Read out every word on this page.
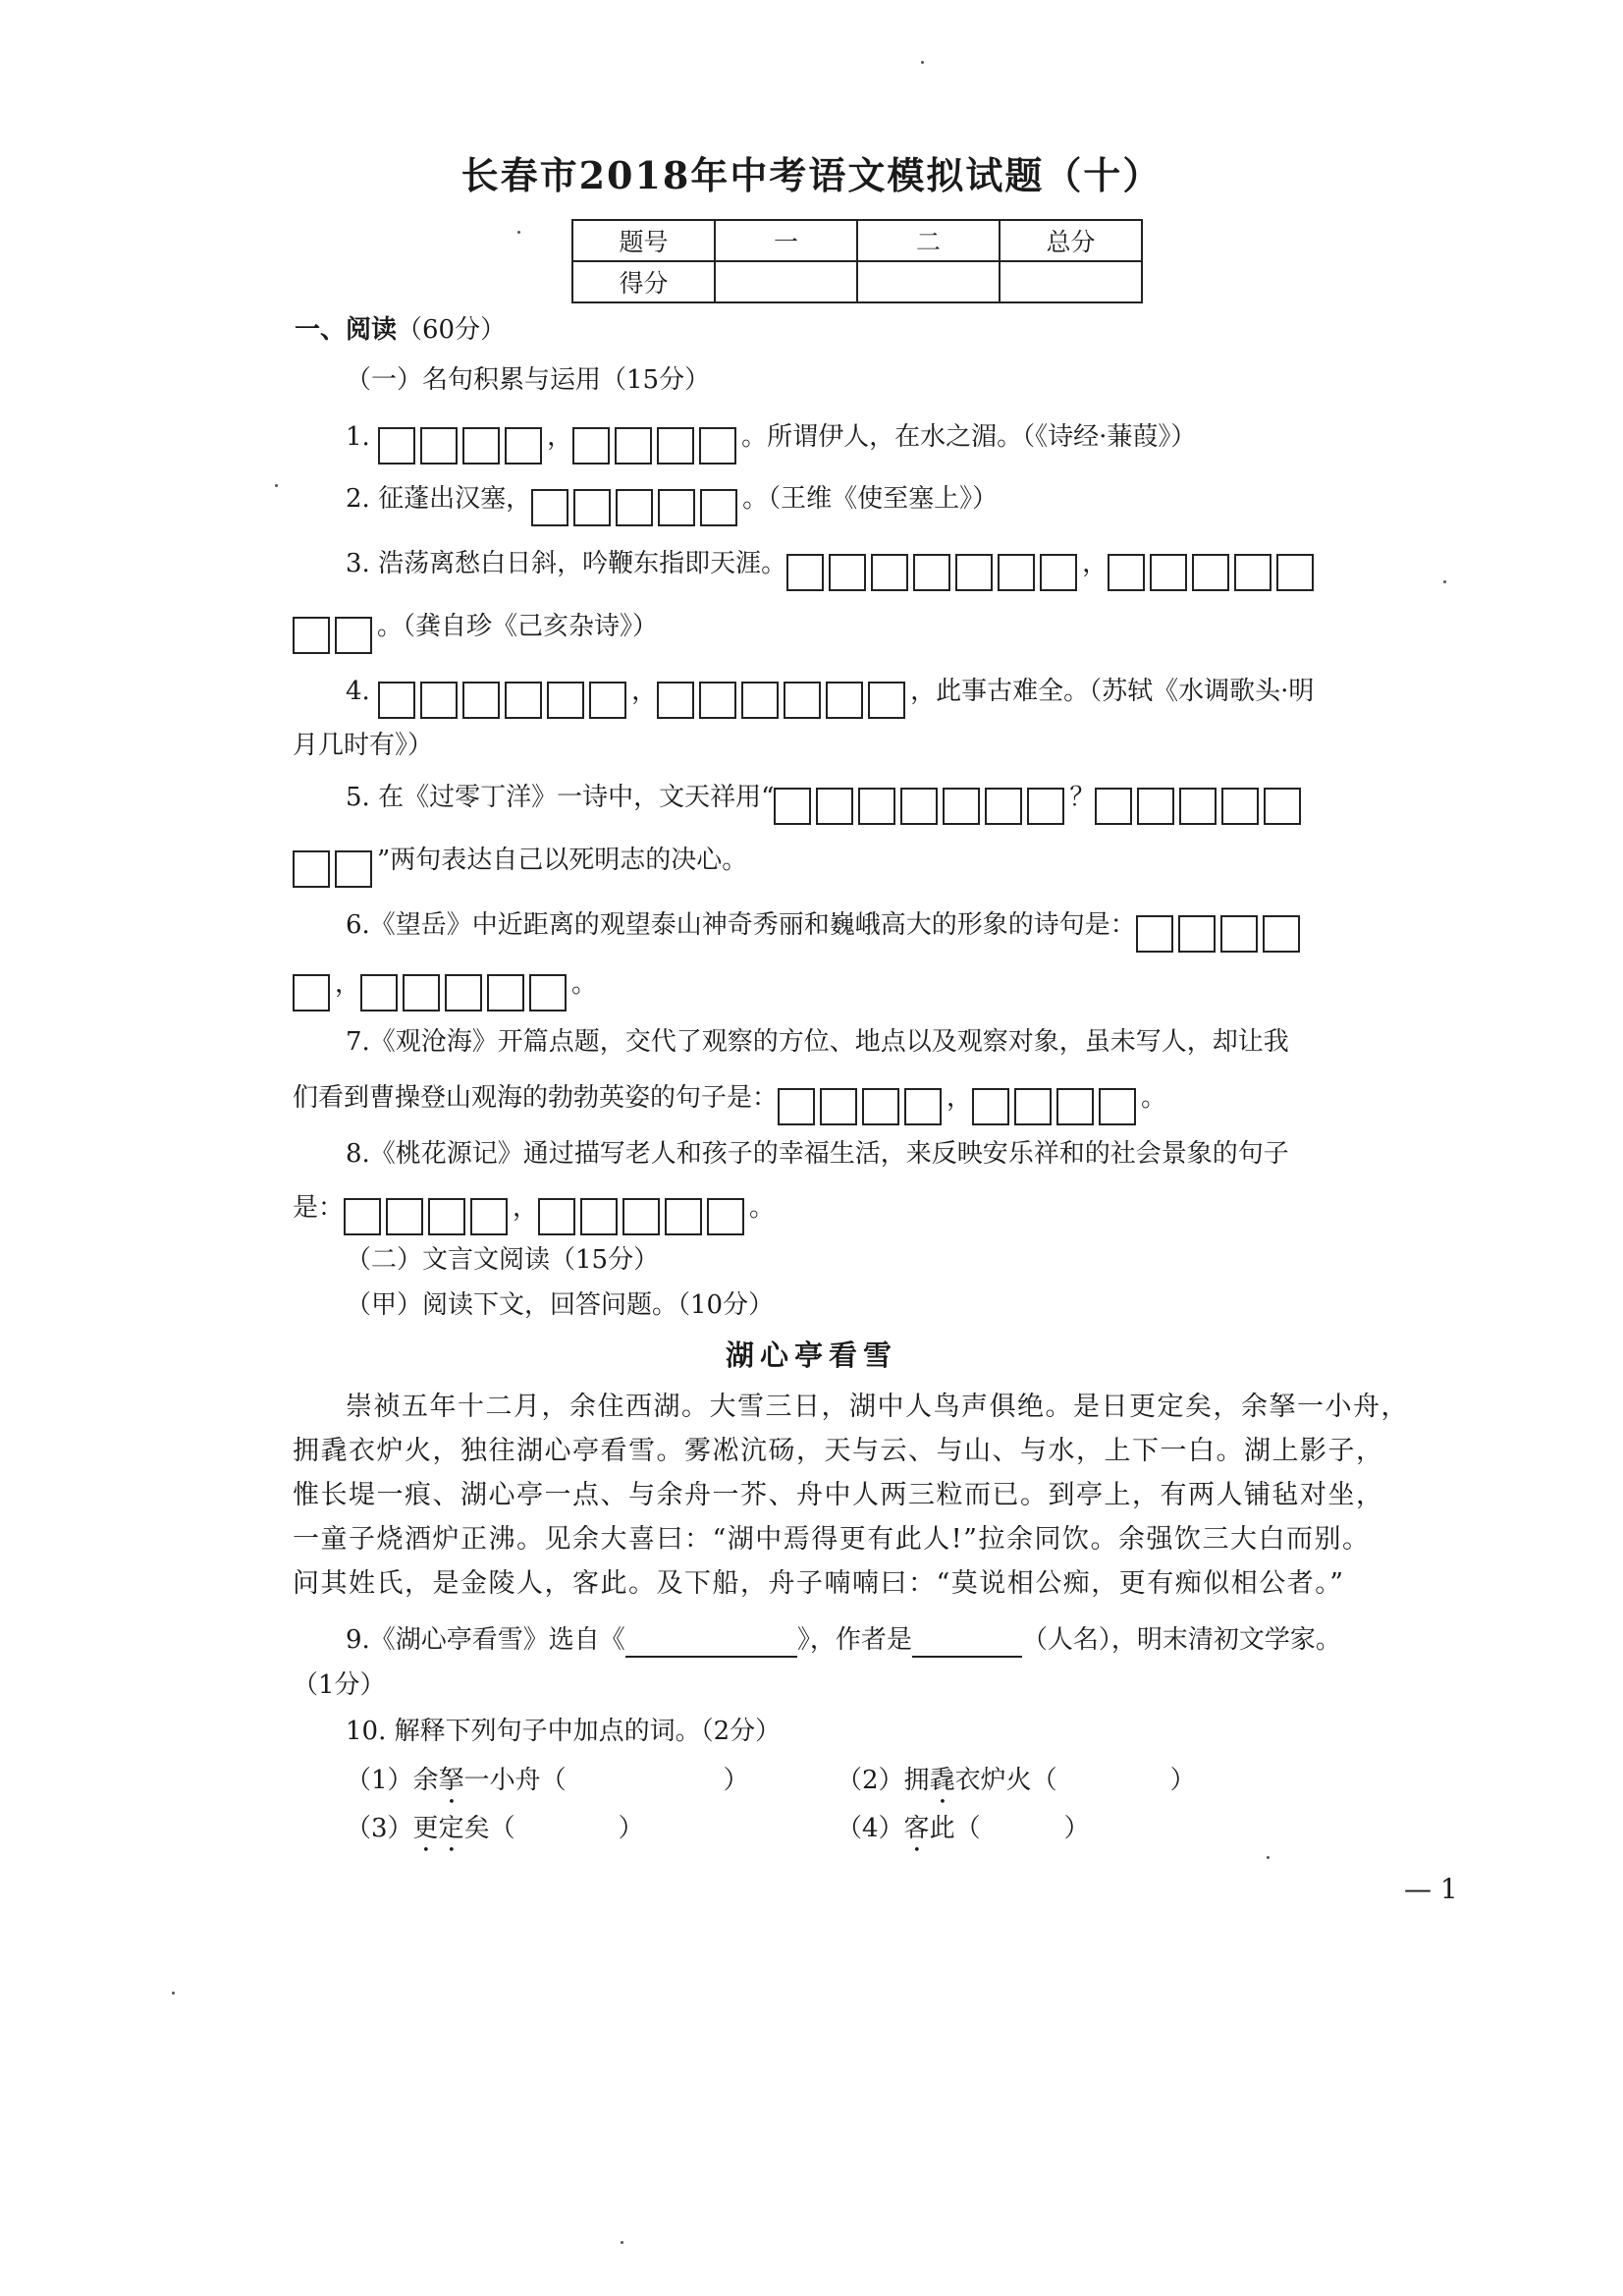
长春市2018年中考语文模拟试题（十）
题号	一	二	总分
得分			
一、阅读（60分）
（一）名句积累与运用（15分）
1.	，	。所谓伊人，在水之湄。（《诗经·蒹葭》）
2. 征蓬出汉塞，	。（王维《使至塞上》）
3. 浩荡离愁白日斜，吟鞭东指即天涯。	，
。（龚自珍《己亥杂诗》）
4.	，	，此事古难全。（苏轼《水调歌头·明
月几时有》）
5. 在《过零丁洋》一诗中，文天祥用“	？
”两句表达自己以死明志的决心。
6.《望岳》中近距离的观望泰山神奇秀丽和巍峨高大的形象的诗句是：
，	。
7.《观沧海》开篇点题，交代了观察的方位、地点以及观察对象，虽未写人，却让我
们看到曹操登山观海的勃勃英姿的句子是：	，	。
8.《桃花源记》通过描写老人和孩子的幸福生活，来反映安乐祥和的社会景象的句子
是：	，	。
（二）文言文阅读（15分）
（甲）阅读下文，回答问题。（10分）
湖心亭看雪

崇祯五年十二月，余住西湖。大雪三日，湖中人鸟声俱绝。是日更定矣，余拏一小舟，

拥毳衣炉火，独往湖心亭看雪。雾凇沆砀，天与云、与山、与水，上下一白。湖上影子，

惟长堤一痕、湖心亭一点、与余舟一芥、舟中人两三粒而已。到亭上，有两人铺毡对坐，

一童子烧酒炉正沸。见余大喜曰：“湖中焉得更有此人!”拉余同饮。余强饮三大白而别。

问其姓氏，是金陵人，客此。及下船，舟子喃喃曰：“莫说相公痴，更有痴似相公者。”

9.《湖心亭看雪》选自《	》，作者是	（人名），明末清初文学家。
（1分）
10. 解释下列句子中加点的词。（2分）
（1）余拏一小舟（	）	（2）拥毳衣炉火（	）
（3）更定矣（	）	（4）客此（	）
— 1
